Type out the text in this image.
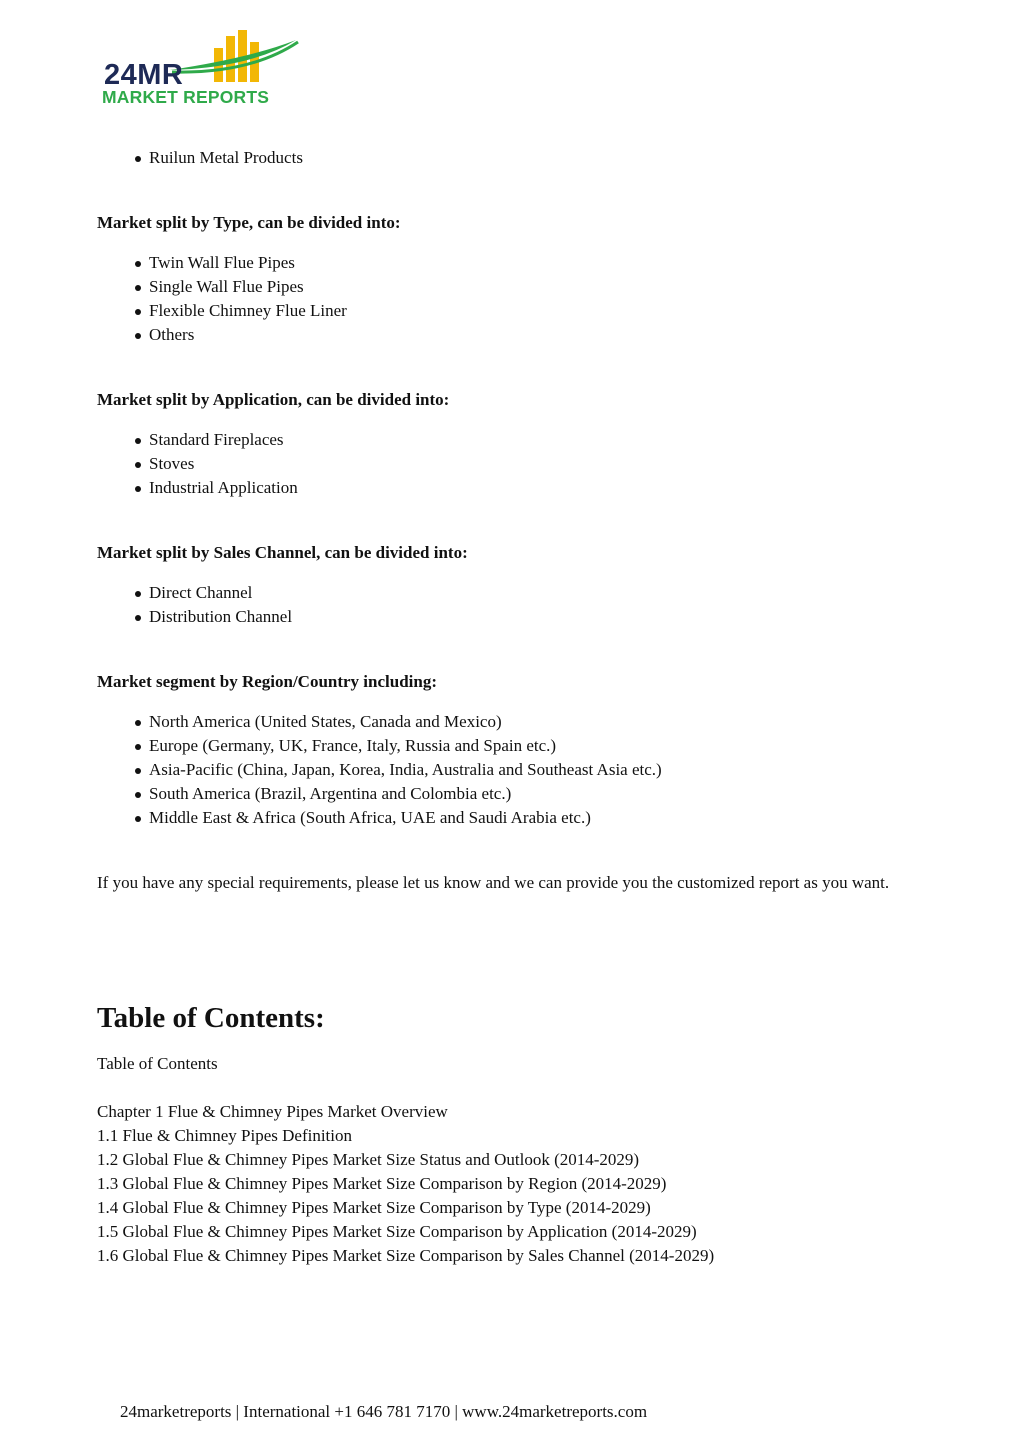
24MR
MARKET REPORTS
Ruilun Metal Products

Market split by Type, can be divided into:

Twin Wall Flue Pipes
Single Wall Flue Pipes
Flexible Chimney Flue Liner
Others

Market split by Application, can be divided into:

Standard Fireplaces
Stoves
Industrial Application

Market split by Sales Channel, can be divided into:

Direct Channel
Distribution Channel

Market segment by Region/Country including:

North America (United States, Canada and Mexico)
Europe (Germany, UK, France, Italy, Russia and Spain etc.)
Asia-Pacific (China, Japan, Korea, India, Australia and Southeast Asia etc.)
South America (Brazil, Argentina and Colombia etc.)
Middle East & Africa (South Africa, UAE and Saudi Arabia etc.)

If you have any special requirements, please let us know and we can provide you the customized report as you want.

Table of Contents:

Table of Contents

Chapter 1 Flue & Chimney Pipes Market Overview

1.1 Flue & Chimney Pipes Definition

1.2 Global Flue & Chimney Pipes Market Size Status and Outlook (2014-2029)

1.3 Global Flue & Chimney Pipes Market Size Comparison by Region (2014-2029)

1.4 Global Flue & Chimney Pipes Market Size Comparison by Type (2014-2029)

1.5 Global Flue & Chimney Pipes Market Size Comparison by Application (2014-2029)

1.6 Global Flue & Chimney Pipes Market Size Comparison by Sales Channel (2014-2029)

24marketreports | International +1 646 781 7170 | www.24marketreports.com
